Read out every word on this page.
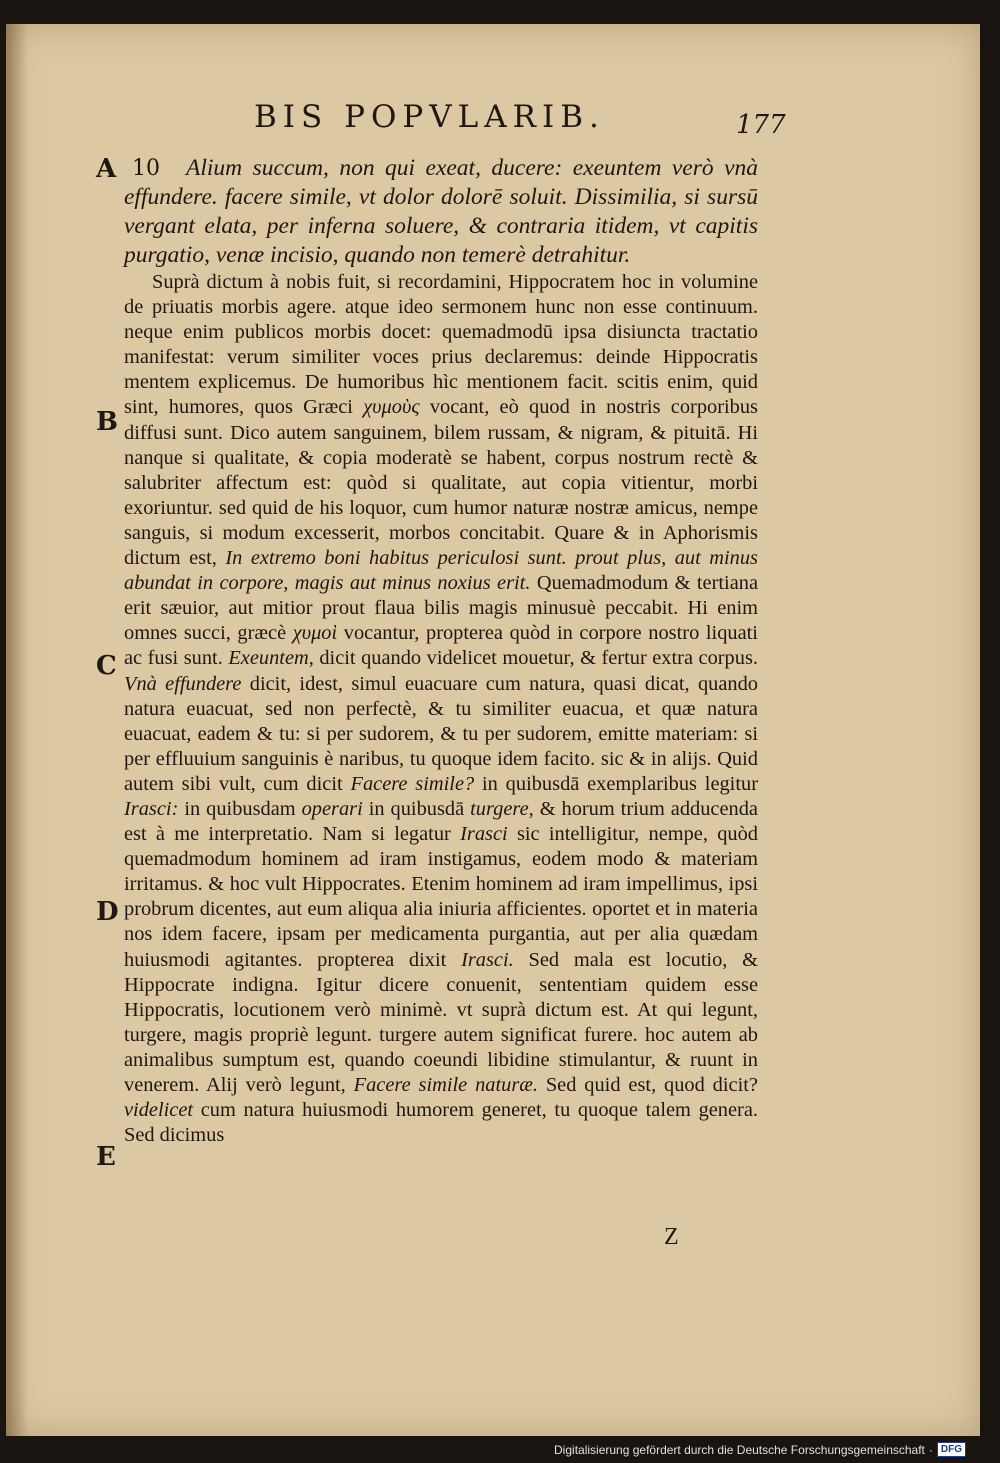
BIS POPVLARIB.	177
A
B
C
D
E
10	Alium succum, non qui exeat, ducere: exeuntem verò vnà effundere. facere simile, vt dolor dolorē soluit. Dissimilia, si sursū vergant elata, per inferna soluere, & contraria itidem, vt capitis purgatio, venæ incisio, quando non temerè detrahitur.

Suprà dictum à nobis fuit, si recordamini, Hippocratem hoc in volumine de priuatis morbis agere. atque ideo sermonem hunc non esse continuum. neque enim publicos morbis docet: quemadmodū ipsa disiuncta tractatio manifestat: verum similiter voces prius declaremus: deinde Hippocratis mentem explicemus. De humoribus hìc mentionem facit. scitis enim, quid sint, humores, quos Græci χυμοὺς vocant, eò quod in nostris corporibus diffusi sunt. Dico autem sanguinem, bilem russam, & nigram, & pituitā. Hi nanque si qualitate, & copia moderatè se habent, corpus nostrum rectè & salubriter affectum est: quòd si qualitate, aut copia vitientur, morbi exoriuntur. sed quid de his loquor, cum humor naturæ nostræ amicus, nempe sanguis, si modum excesserit, morbos concitabit. Quare & in Aphorismis dictum est, In extremo boni habitus periculosi sunt. prout plus, aut minus abundat in corpore, magis aut minus noxius erit. Quemadmodum & tertiana erit sæuior, aut mitior prout flaua bilis magis minusuè peccabit. Hi enim omnes succi, græcè χυμοὶ vocantur, propterea quòd in corpore nostro liquati ac fusi sunt. Exeuntem, dicit quando videlicet mouetur, & fertur extra corpus. Vnà effundere dicit, idest, simul euacuare cum natura, quasi dicat, quando natura euacuat, sed non perfectè, & tu similiter euacua, et quæ natura euacuat, eadem & tu: si per sudorem, & tu per sudorem, emitte materiam: si per effluuium sanguinis è naribus, tu quoque idem facito. sic & in alijs. Quid autem sibi vult, cum dicit Facere simile? in quibusdā exemplaribus legitur Irasci: in quibusdam operari in quibusdā turgere, & horum trium adducenda est à me interpretatio. Nam si legatur Irasci sic intelligitur, nempe, quòd quemadmodum hominem ad iram instigamus, eodem modo & materiam irritamus. & hoc vult Hippocrates. Etenim hominem ad iram impellimus, ipsi probrum dicentes, aut eum aliqua alia iniuria afficientes. oportet et in materia nos idem facere, ipsam per medicamenta purgantia, aut per alia quædam huiusmodi agitantes. propterea dixit Irasci. Sed mala est locutio, & Hippocrate indigna. Igitur dicere conuenit, sententiam quidem esse Hippocratis, locutionem verò minimè. vt suprà dictum est. At qui legunt, turgere, magis propriè legunt. turgere autem significat furere. hoc autem ab animalibus sumptum est, quando coeundi libidine stimulantur, & ruunt in venerem. Alij verò legunt, Facere simile naturæ. Sed quid est, quod dicit? videlicet cum natura huiusmodi humorem generet, tu quoque talem genera. Sed dicimus

Z
Digitalisierung gefördert durch die Deutsche Forschungsgemeinschaft · DFG
